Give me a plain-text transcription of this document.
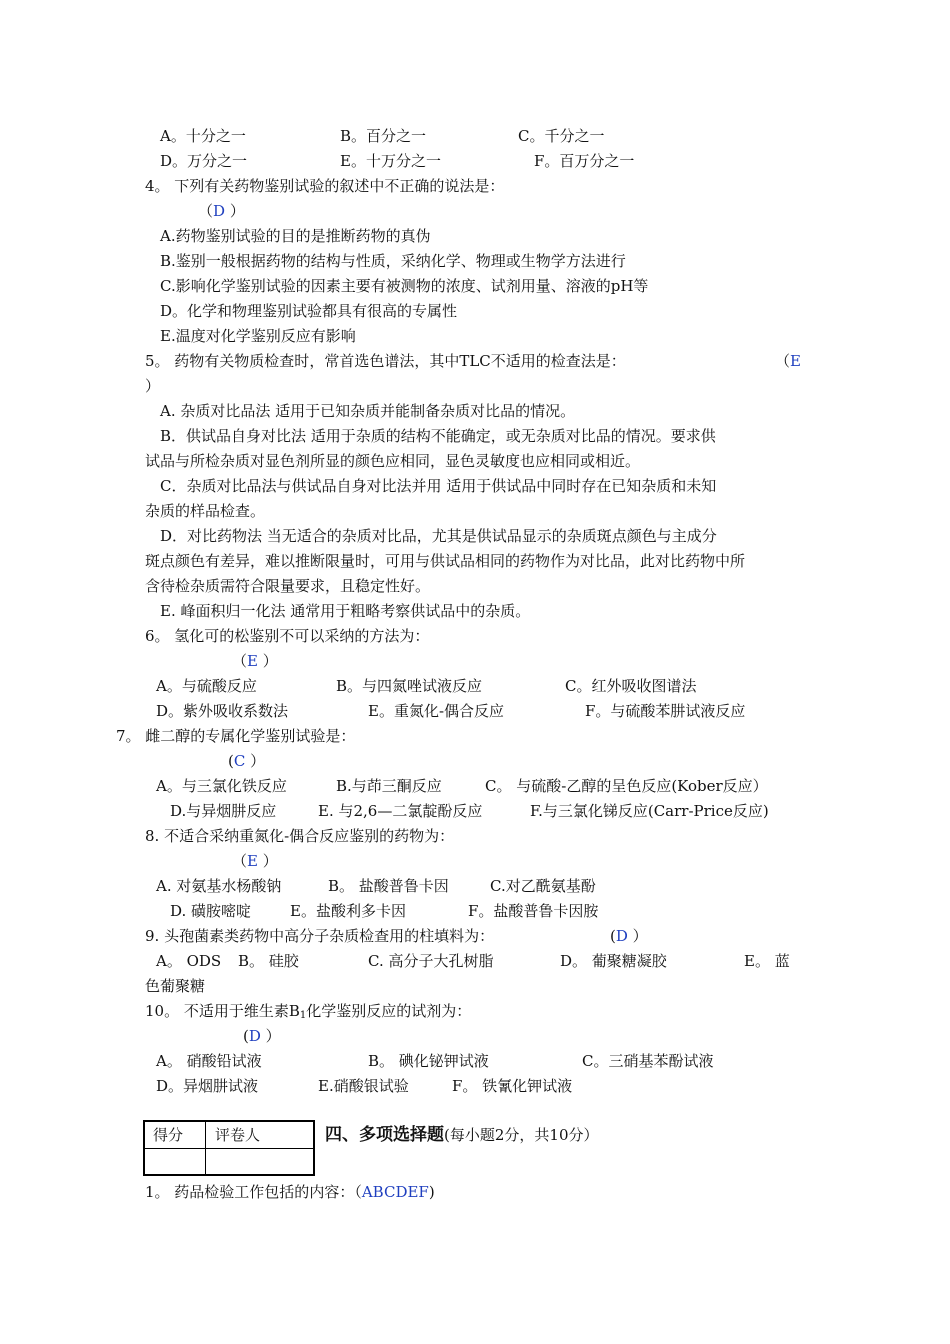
A。十分之一	B。百分之一	C。千分之一
D。万分之一	E。十万分之一	F。百万分之一
4。 下列有关药物鉴别试验的叙述中不正确的说法是：
（D ）
A.药物鉴别试验的目的是推断药物的真伪
B.鉴别一般根据药物的结构与性质，采纳化学、物理或生物学方法进行
C.影响化学鉴别试验的因素主要有被测物的浓度、试剂用量、溶液的pH等
D。化学和物理鉴别试验都具有很高的专属性
E.温度对化学鉴别反应有影响
5。 药物有关物质检查时，常首选色谱法，其中TLC不适用的检查法是：	（E
）
A. 杂质对比品法 适用于已知杂质并能制备杂质对比品的情况。
B．供试品自身对比法 适用于杂质的结构不能确定，或无杂质对比品的情况。要求供
试品与所检杂质对显色剂所显的颜色应相同，显色灵敏度也应相同或相近。
C．杂质对比品法与供试品自身对比法并用 适用于供试品中同时存在已知杂质和未知
杂质的样品检查。
D．对比药物法 当无适合的杂质对比品，尤其是供试品显示的杂质斑点颜色与主成分
斑点颜色有差异，难以推断限量时，可用与供试品相同的药物作为对比品，此对比药物中所
含待检杂质需符合限量要求，且稳定性好。
E. 峰面积归一化法 通常用于粗略考察供试品中的杂质。
6。 氢化可的松鉴别不可以采纳的方法为：
（E ）
A。与硫酸反应	B。与四氮唑试液反应	C。红外吸收图谱法
D。紫外吸收系数法	E。重氮化-偶合反应	F。与硫酸苯肼试液反应
7。 雌二醇的专属化学鉴别试验是：
(C ）
A。与三氯化铁反应	B.与茚三酮反应	C。 与硫酸-乙醇的呈色反应(Kober反应）
D.与异烟肼反应	E. 与2,6—二氯靛酚反应	F.与三氯化锑反应(Carr-Price反应)
8. 不适合采纳重氮化-偶合反应鉴别的药物为：
（E ）
A. 对氨基水杨酸钠	B。 盐酸普鲁卡因	C.对乙酰氨基酚
D. 磺胺嘧啶	E。盐酸利多卡因	F。盐酸普鲁卡因胺
9. 头孢菌素类药物中高分子杂质检查用的柱填料为：	(D ）
A。 ODS B。 硅胶	C. 高分子大孔树脂	D。 葡聚糖凝胶	E。 蓝
色葡聚糖
10。 不适用于维生素$B_1$化学鉴别反应的试剂为：
(D ）
A。 硝酸铅试液	B。 碘化铋钾试液	C。三硝基苯酚试液
D。异烟肼试液	E.硝酸银试验	F。 铁氰化钾试液
得分 评卷人	四、多项选择题(每小题2分，共10分）
1。 药品检验工作包括的内容：（ABCDEF)
